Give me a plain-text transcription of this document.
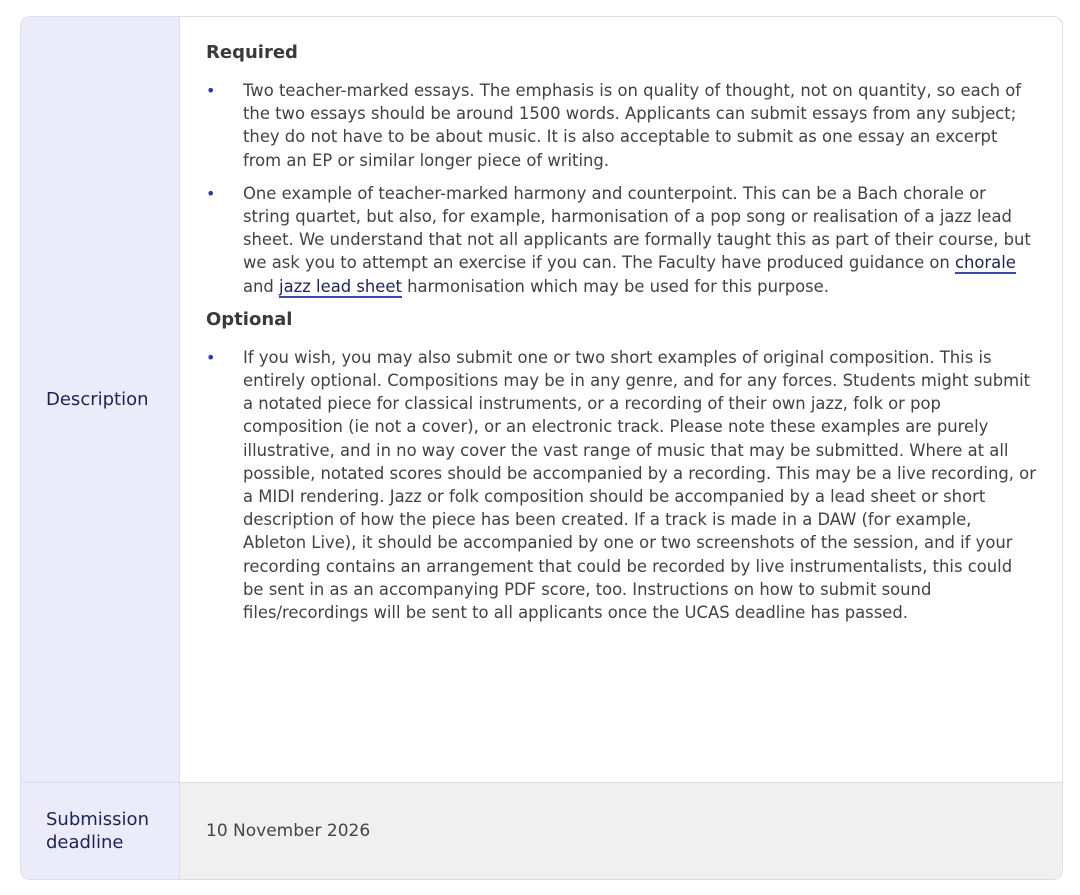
Description
Required
• Two teacher-marked essays. The emphasis is on quality of thought, not on quantity, so each of the two essays should be around 1500 words. Applicants can submit essays from any subject; they do not have to be about music. It is also acceptable to submit as one essay an excerpt from an EP or similar longer piece of writing.
• One example of teacher-marked harmony and counterpoint. This can be a Bach chorale or string quartet, but also, for example, harmonisation of a pop song or realisation of a jazz lead sheet. We understand that not all applicants are formally taught this as part of their course, but we ask you to attempt an exercise if you can. The Faculty have produced guidance on chorale and jazz lead sheet harmonisation which may be used for this purpose.
Optional
• If you wish, you may also submit one or two short examples of original composition. This is entirely optional. Compositions may be in any genre, and for any forces. Students might submit a notated piece for classical instruments, or a recording of their own jazz, folk or pop composition (ie not a cover), or an electronic track. Please note these examples are purely illustrative, and in no way cover the vast range of music that may be submitted. Where at all possible, notated scores should be accompanied by a recording. This may be a live recording, or a MIDI rendering. Jazz or folk composition should be accompanied by a lead sheet or short description of how the piece has been created. If a track is made in a DAW (for example, Ableton Live), it should be accompanied by one or two screenshots of the session, and if your recording contains an arrangement that could be recorded by live instrumentalists, this could be sent in as an accompanying PDF score, too. Instructions on how to submit sound files/recordings will be sent to all applicants once the UCAS deadline has passed.
Submission deadline
10 November 2026
